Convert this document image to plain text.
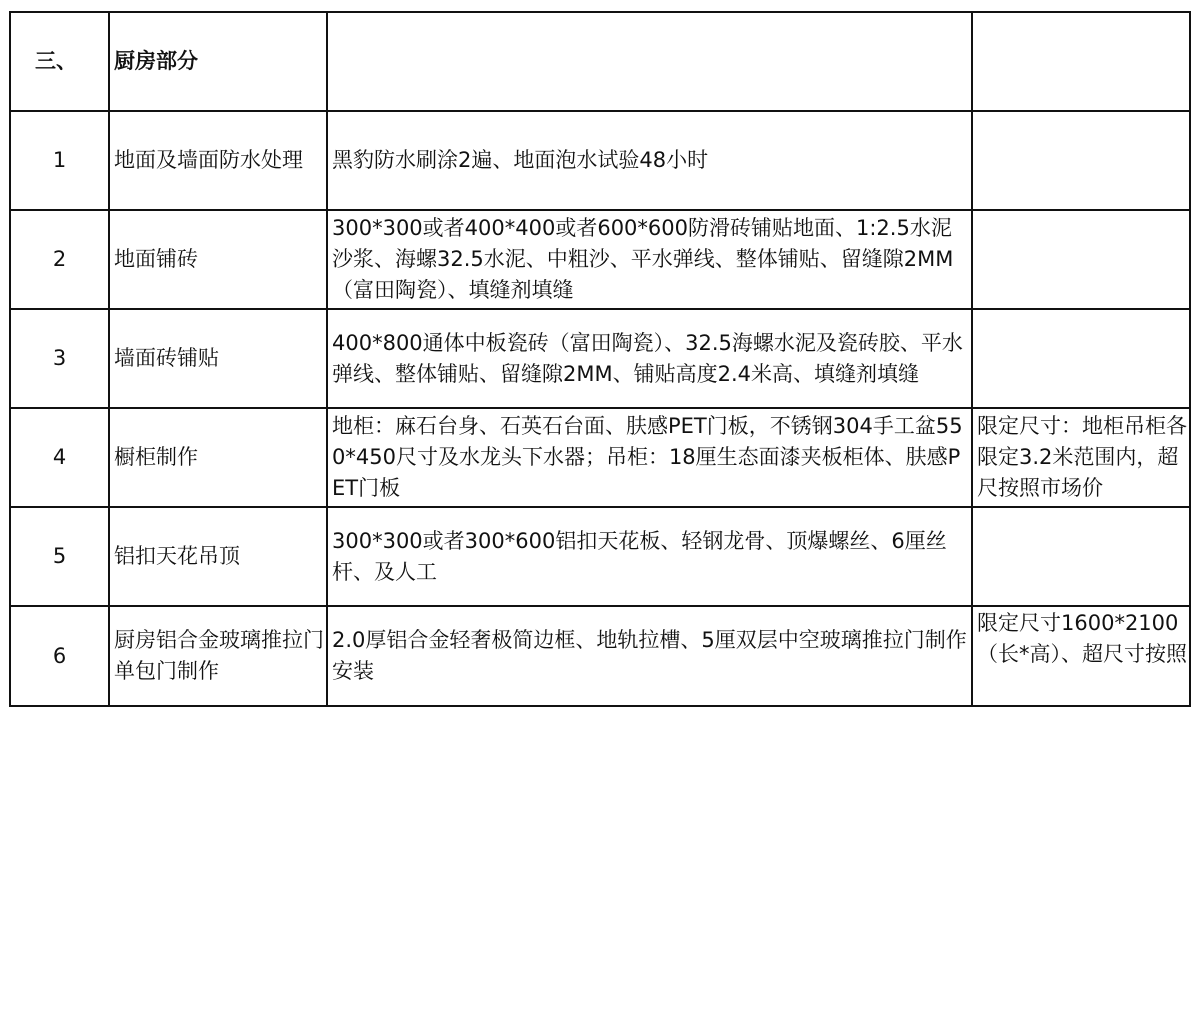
三、	厨房部分		
1	地面及墙面防水处理	黑豹防水刷涂2遍、地面泡水试验48小时	
2	地面铺砖	300*300或者400*400或者600*600防滑砖铺贴地面、1:2.5水泥沙浆、海螺32.5水泥、中粗沙、平水弹线、整体铺贴、留缝隙2MM（富田陶瓷）、填缝剂填缝	
3	墙面砖铺贴	400*800通体中板瓷砖（富田陶瓷）、32.5海螺水泥及瓷砖胶、平水弹线、整体铺贴、留缝隙2MM、铺贴高度2.4米高、填缝剂填缝	
4	橱柜制作	地柜：麻石台身、石英石台面、肤感PET门板，不锈钢304手工盆550*450尺寸及水龙头下水器；吊柜：18厘生态面漆夹板柜体、肤感PET门板	限定尺寸：地柜吊柜各限定3.2米范围内，超尺按照市场价
5	铝扣天花吊顶	300*300或者300*600铝扣天花板、轻钢龙骨、顶爆螺丝、6厘丝杆、及人工	
6	厨房铝合金玻璃推拉门单包门制作	2.0厚铝合金轻奢极简边框、地轨拉槽、5厘双层中空玻璃推拉门制作安装	限定尺寸1600*2100（长*高）、超尺寸按照
